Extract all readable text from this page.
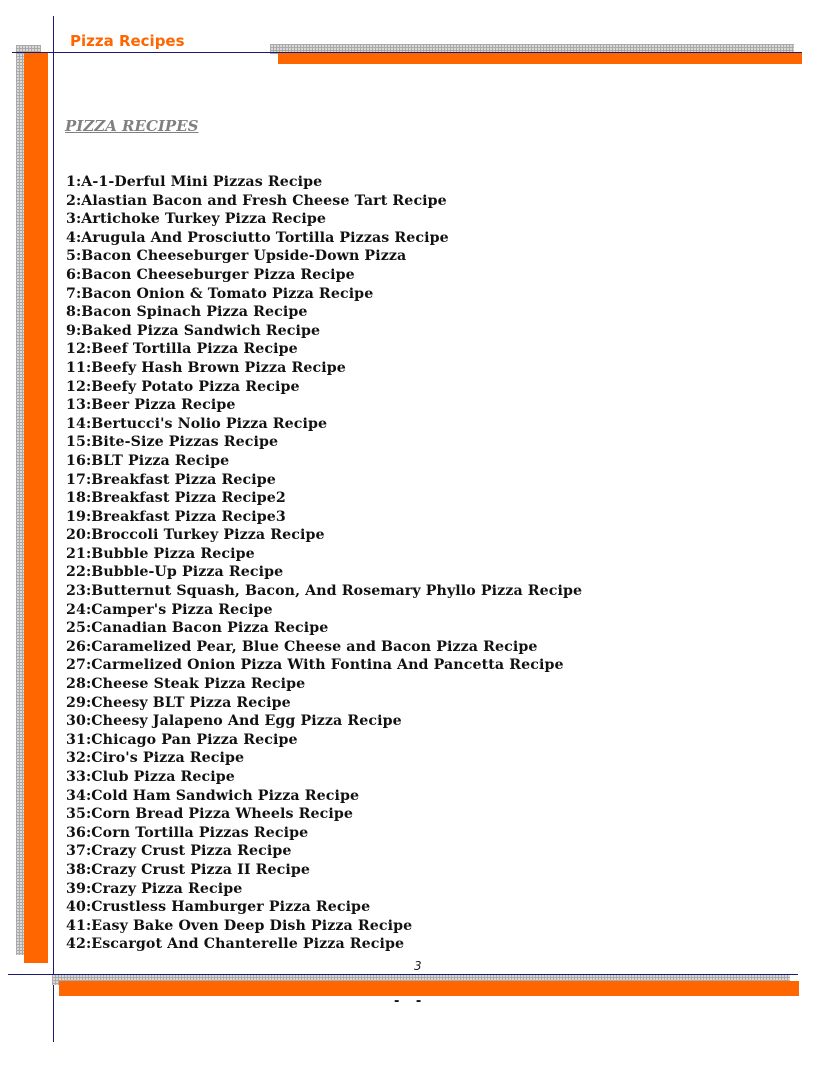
Pizza Recipes
PIZZA RECIPES
1:A-1-Derful Mini Pizzas Recipe
2:Alastian Bacon and Fresh Cheese Tart Recipe
3:Artichoke Turkey Pizza Recipe
4:Arugula And Prosciutto Tortilla Pizzas Recipe
5:Bacon Cheeseburger Upside-Down Pizza
6:Bacon Cheeseburger Pizza Recipe
7:Bacon Onion & Tomato Pizza Recipe
8:Bacon Spinach Pizza Recipe
9:Baked Pizza Sandwich Recipe
12:Beef Tortilla Pizza Recipe
11:Beefy Hash Brown Pizza Recipe
12:Beefy Potato Pizza Recipe
13:Beer Pizza Recipe
14:Bertucci's Nolio Pizza Recipe
15:Bite-Size Pizzas Recipe
16:BLT Pizza Recipe
17:Breakfast Pizza Recipe
18:Breakfast Pizza Recipe2
19:Breakfast Pizza Recipe3
20:Broccoli Turkey Pizza Recipe
21:Bubble Pizza Recipe
22:Bubble-Up Pizza Recipe
23:Butternut Squash, Bacon, And Rosemary Phyllo Pizza Recipe
24:Camper's Pizza Recipe
25:Canadian Bacon Pizza Recipe
26:Caramelized Pear, Blue Cheese and Bacon Pizza Recipe
27:Carmelized Onion Pizza With Fontina And Pancetta Recipe
28:Cheese Steak Pizza Recipe
29:Cheesy BLT Pizza Recipe
30:Cheesy Jalapeno And Egg Pizza Recipe
31:Chicago Pan Pizza Recipe
32:Ciro's Pizza Recipe
33:Club Pizza Recipe
34:Cold Ham Sandwich Pizza Recipe
35:Corn Bread Pizza Wheels Recipe
36:Corn Tortilla Pizzas Recipe
37:Crazy Crust Pizza Recipe
38:Crazy Crust Pizza II Recipe
39:Crazy Pizza Recipe
40:Crustless Hamburger Pizza Recipe
41:Easy Bake Oven Deep Dish Pizza Recipe
42:Escargot And Chanterelle Pizza Recipe
3
- -
